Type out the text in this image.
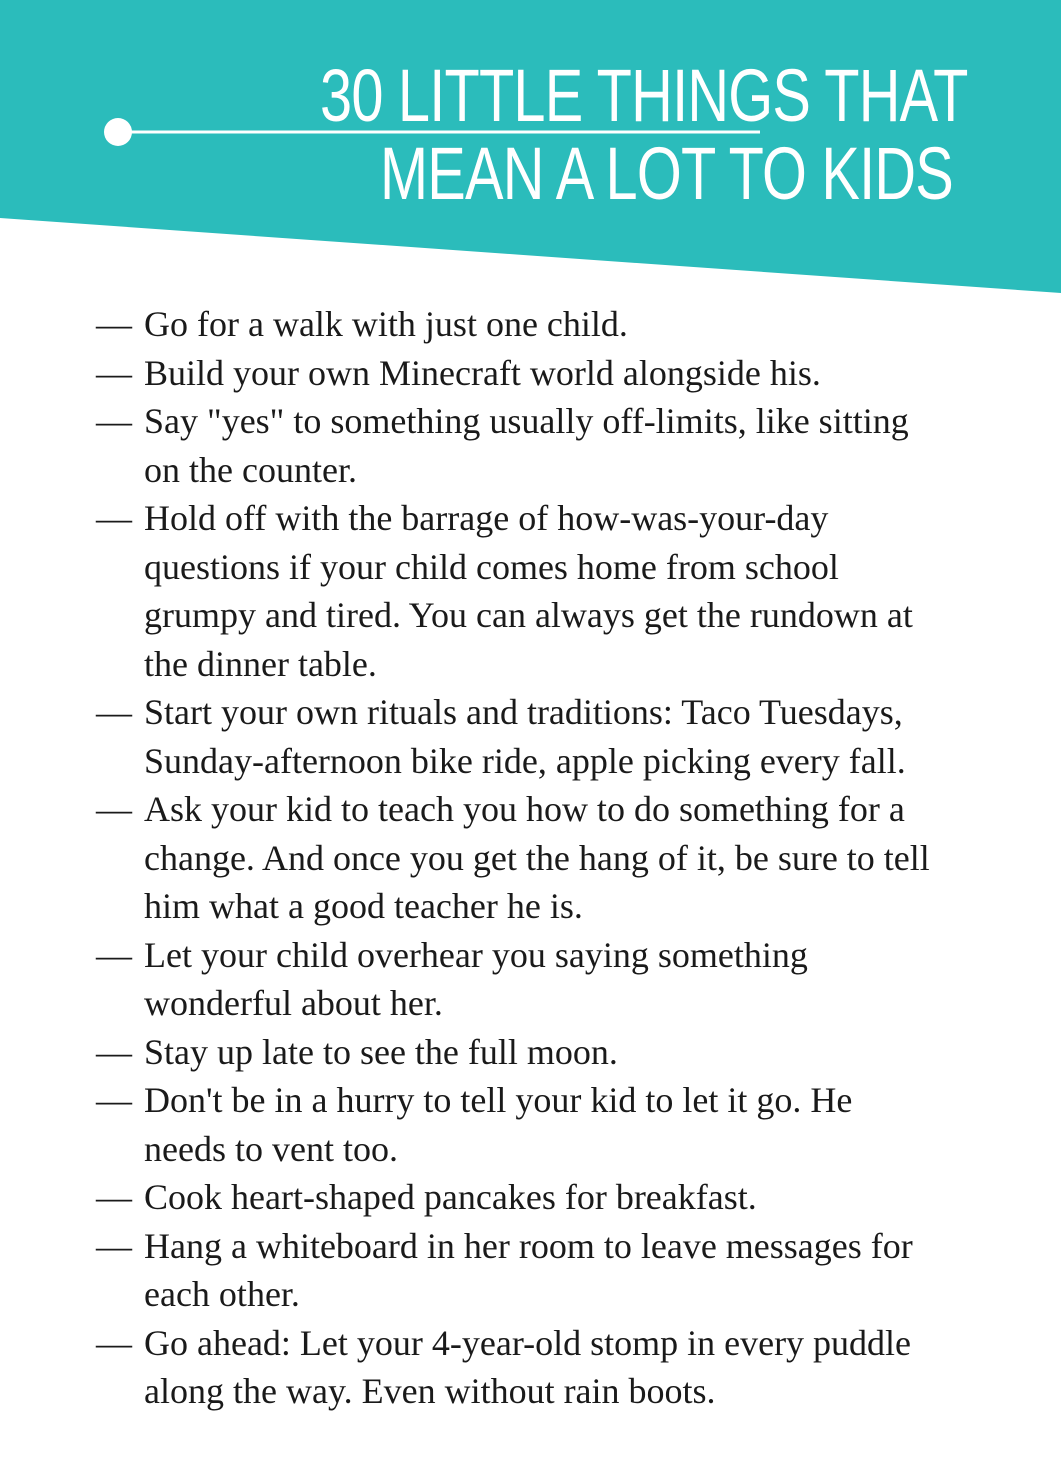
30 LITTLE THINGS THAT
MEAN A LOT TO KIDS
— Go for a walk with just one child.
— Build your own Minecraft world alongside his.
— Say "yes" to something usually off-limits, like sitting on the counter.
— Hold off with the barrage of how-was-your-day questions if your child comes home from school grumpy and tired. You can always get the rundown at the dinner table.
— Start your own rituals and traditions: Taco Tuesdays, Sunday-afternoon bike ride, apple picking every fall.
— Ask your kid to teach you how to do something for a change. And once you get the hang of it, be sure to tell him what a good teacher he is.
— Let your child overhear you saying something wonderful about her.
— Stay up late to see the full moon.
— Don't be in a hurry to tell your kid to let it go. He needs to vent too.
— Cook heart-shaped pancakes for breakfast.
— Hang a whiteboard in her room to leave messages for each other.
— Go ahead: Let your 4-year-old stomp in every puddle along the way. Even without rain boots.
